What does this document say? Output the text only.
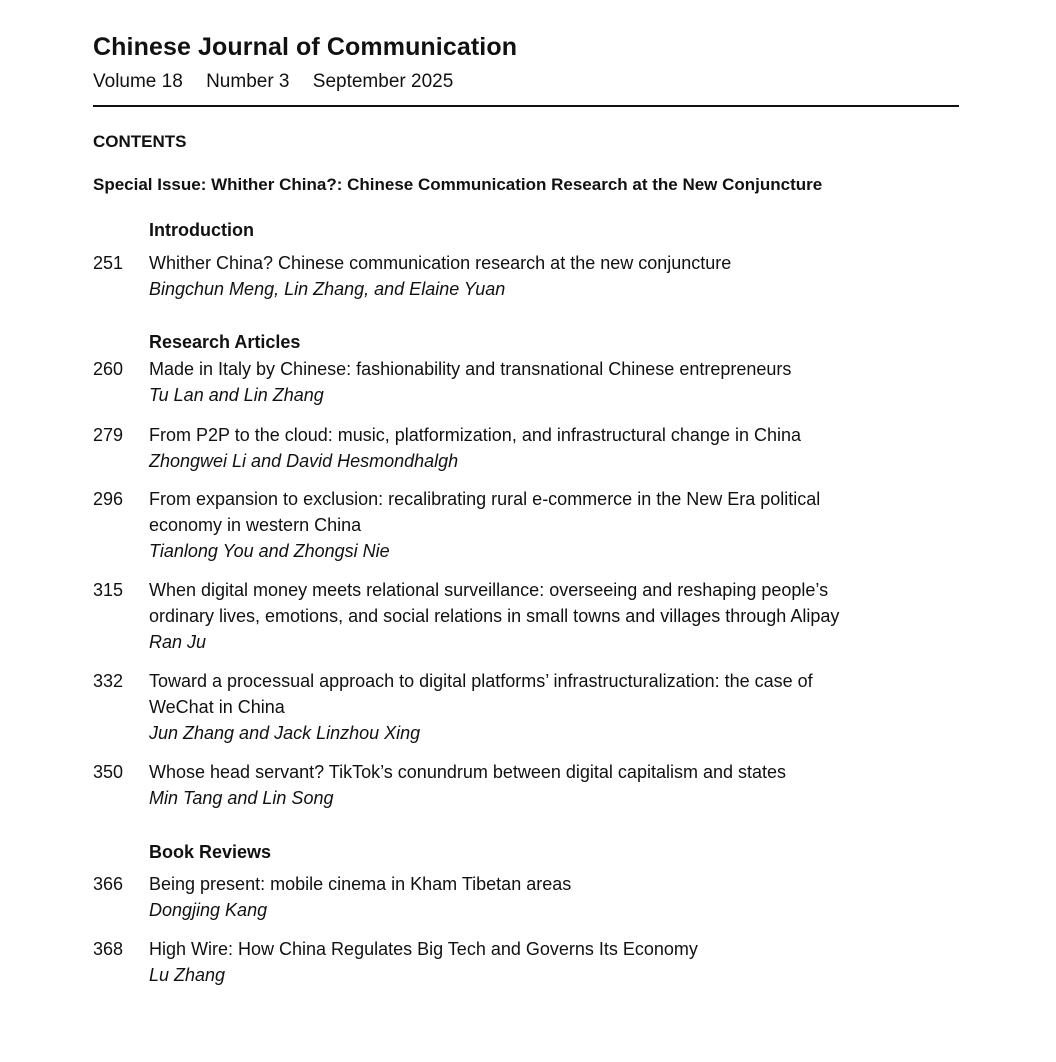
Chinese Journal of Communication
Volume 18 Number 3 September 2025
CONTENTS
Special Issue: Whither China?: Chinese Communication Research at the New Conjuncture
Introduction
251 Whither China? Chinese communication research at the new conjuncture
Bingchun Meng, Lin Zhang, and Elaine Yuan
Research Articles
260 Made in Italy by Chinese: fashionability and transnational Chinese entrepreneurs
Tu Lan and Lin Zhang
279 From P2P to the cloud: music, platformization, and infrastructural change in China
Zhongwei Li and David Hesmondhalgh
296 From expansion to exclusion: recalibrating rural e-commerce in the New Era political
economy in western China
Tianlong You and Zhongsi Nie
315 When digital money meets relational surveillance: overseeing and reshaping people’s
ordinary lives, emotions, and social relations in small towns and villages through Alipay
Ran Ju
332 Toward a processual approach to digital platforms’ infrastructuralization: the case of
WeChat in China
Jun Zhang and Jack Linzhou Xing
350 Whose head servant? TikTok’s conundrum between digital capitalism and states
Min Tang and Lin Song
Book Reviews
366 Being present: mobile cinema in Kham Tibetan areas
Dongjing Kang
368 High Wire: How China Regulates Big Tech and Governs Its Economy
Lu Zhang
